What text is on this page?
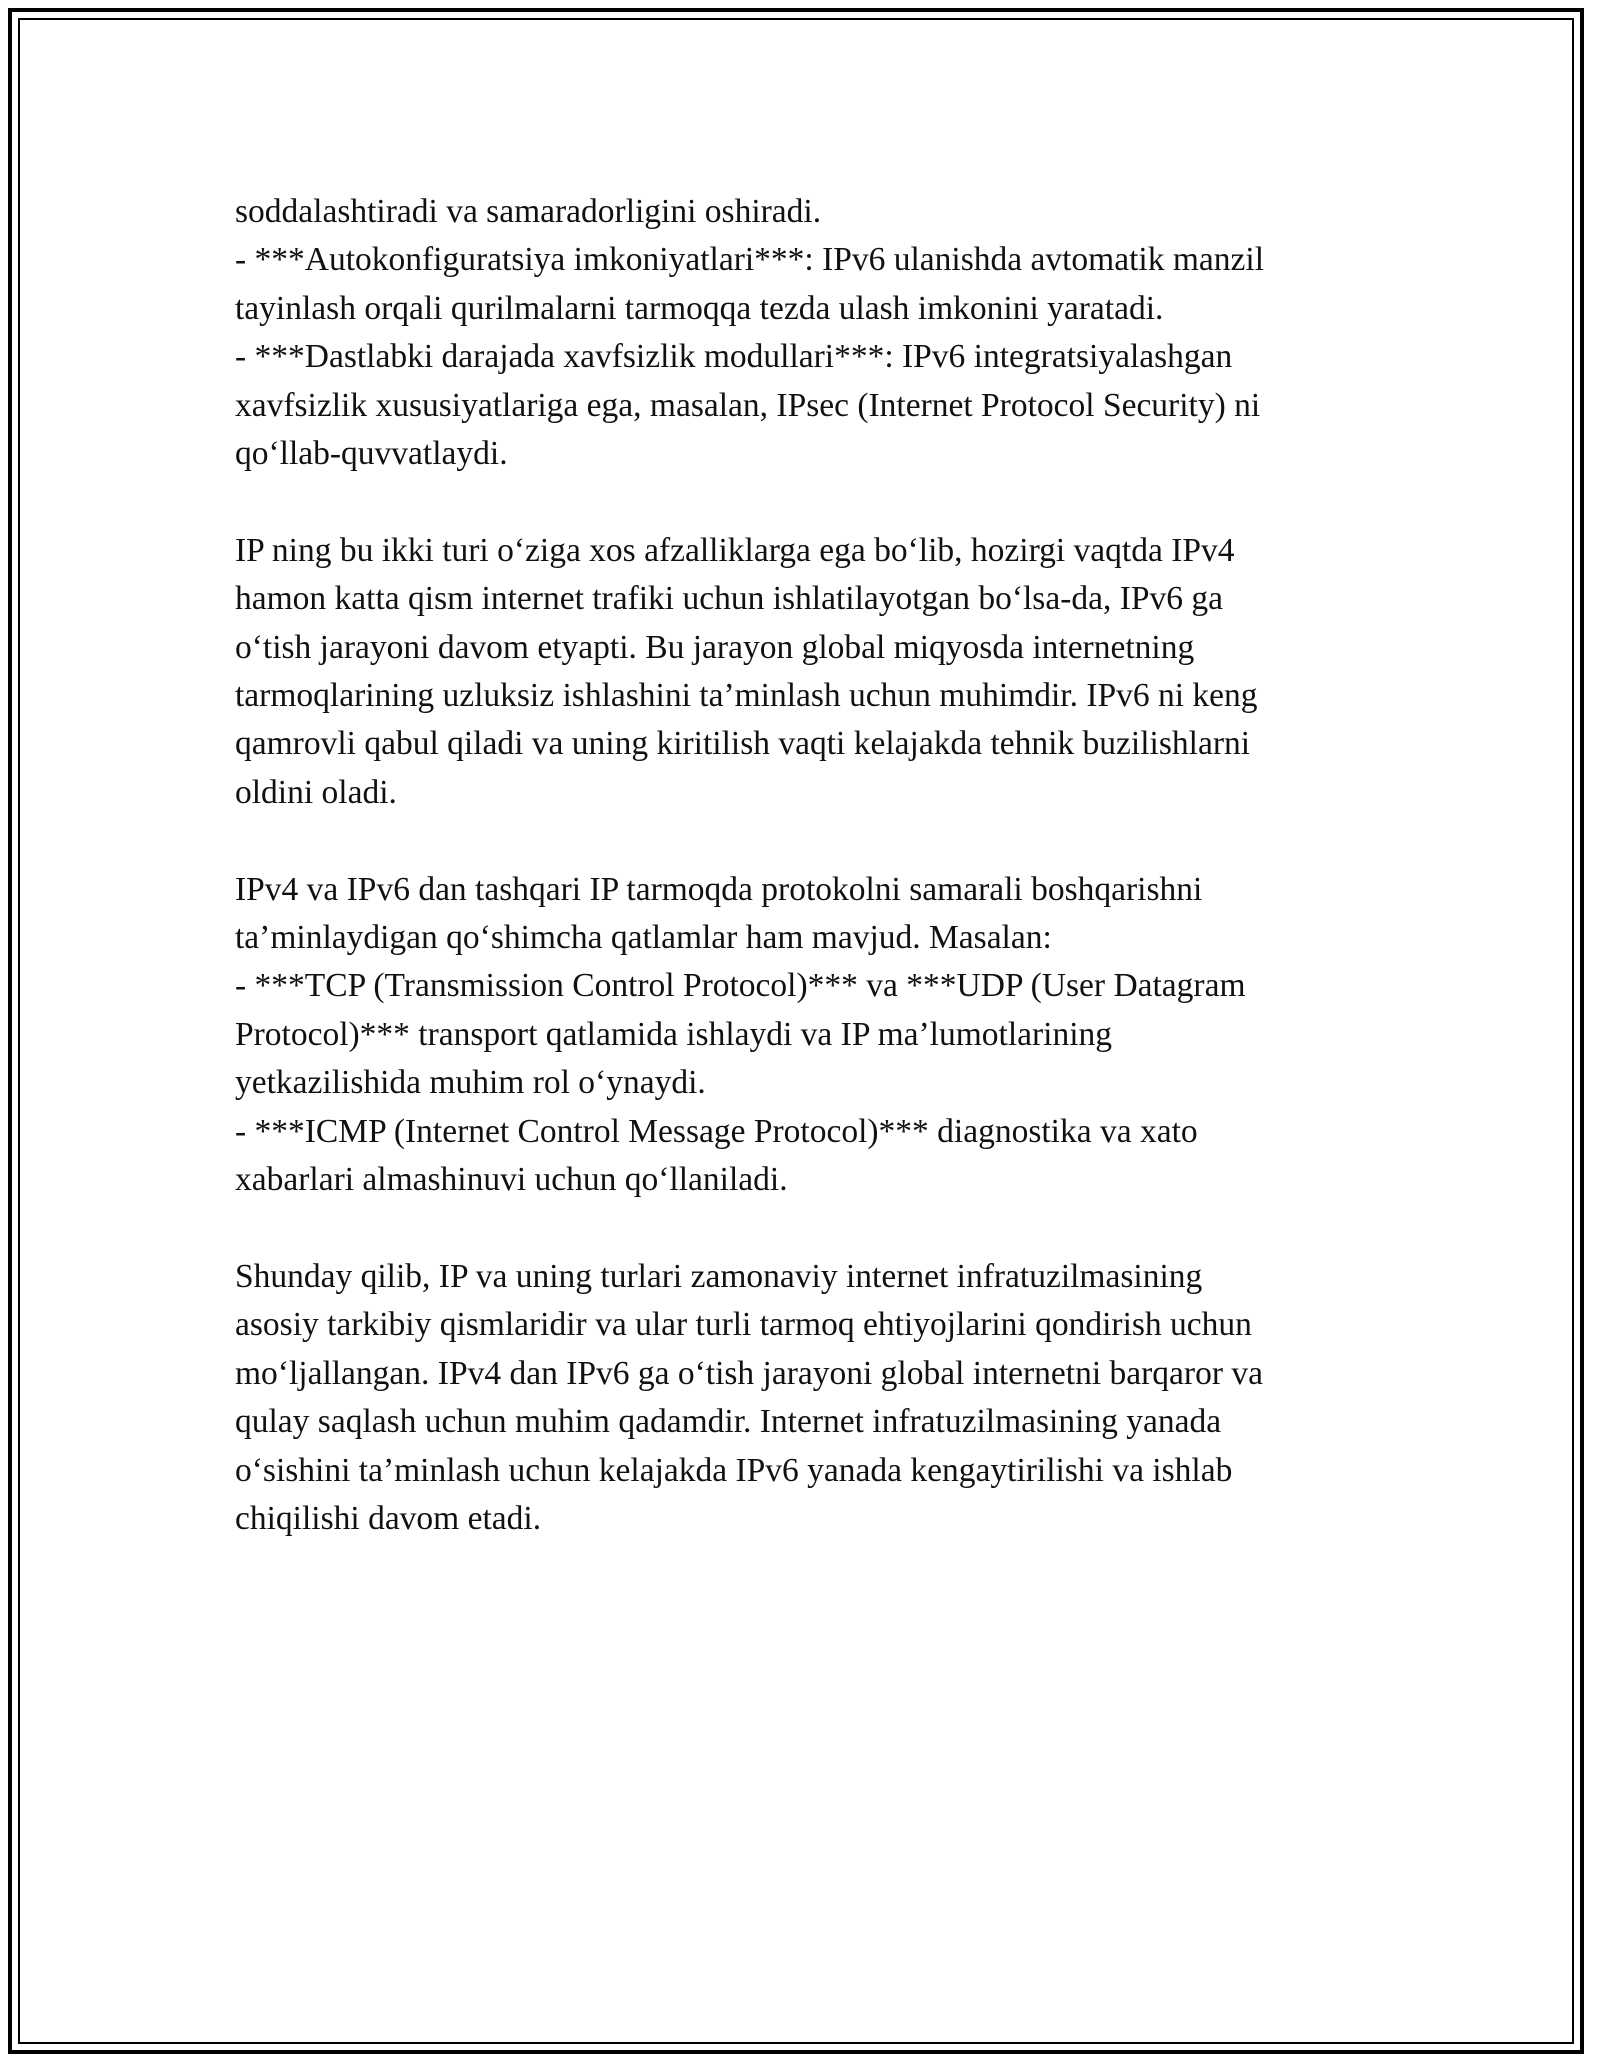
soddalashtiradi va samaradorligini oshiradi.
- ***Autokonfiguratsiya imkoniyatlari***: IPv6 ulanishda avtomatik manzil
tayinlash orqali qurilmalarni tarmoqqa tezda ulash imkonini yaratadi.
- ***Dastlabki darajada xavfsizlik modullari***: IPv6 integratsiyalashgan
xavfsizlik xususiyatlariga ega, masalan, IPsec (Internet Protocol Security) ni
qo‘llab-quvvatlaydi.

IP ning bu ikki turi o‘ziga xos afzalliklarga ega bo‘lib, hozirgi vaqtda IPv4
hamon katta qism internet trafiki uchun ishlatilayotgan bo‘lsa-da, IPv6 ga
o‘tish jarayoni davom etyapti. Bu jarayon global miqyosda internetning
tarmoqlarining uzluksiz ishlashini ta’minlash uchun muhimdir. IPv6 ni keng
qamrovli qabul qiladi va uning kiritilish vaqti kelajakda tehnik buzilishlarni
oldini oladi.

IPv4 va IPv6 dan tashqari IP tarmoqda protokolni samarali boshqarishni
ta’minlaydigan qo‘shimcha qatlamlar ham mavjud. Masalan:
- ***TCP (Transmission Control Protocol)*** va ***UDP (User Datagram
Protocol)*** transport qatlamida ishlaydi va IP ma’lumotlarining
yetkazilishida muhim rol o‘ynaydi.
- ***ICMP (Internet Control Message Protocol)*** diagnostika va xato
xabarlari almashinuvi uchun qo‘llaniladi.

Shunday qilib, IP va uning turlari zamonaviy internet infratuzilmasining
asosiy tarkibiy qismlaridir va ular turli tarmoq ehtiyojlarini qondirish uchun
mo‘ljallangan. IPv4 dan IPv6 ga o‘tish jarayoni global internetni barqaror va
qulay saqlash uchun muhim qadamdir. Internet infratuzilmasining yanada
o‘sishini ta’minlash uchun kelajakda IPv6 yanada kengaytirilishi va ishlab
chiqilishi davom etadi.
